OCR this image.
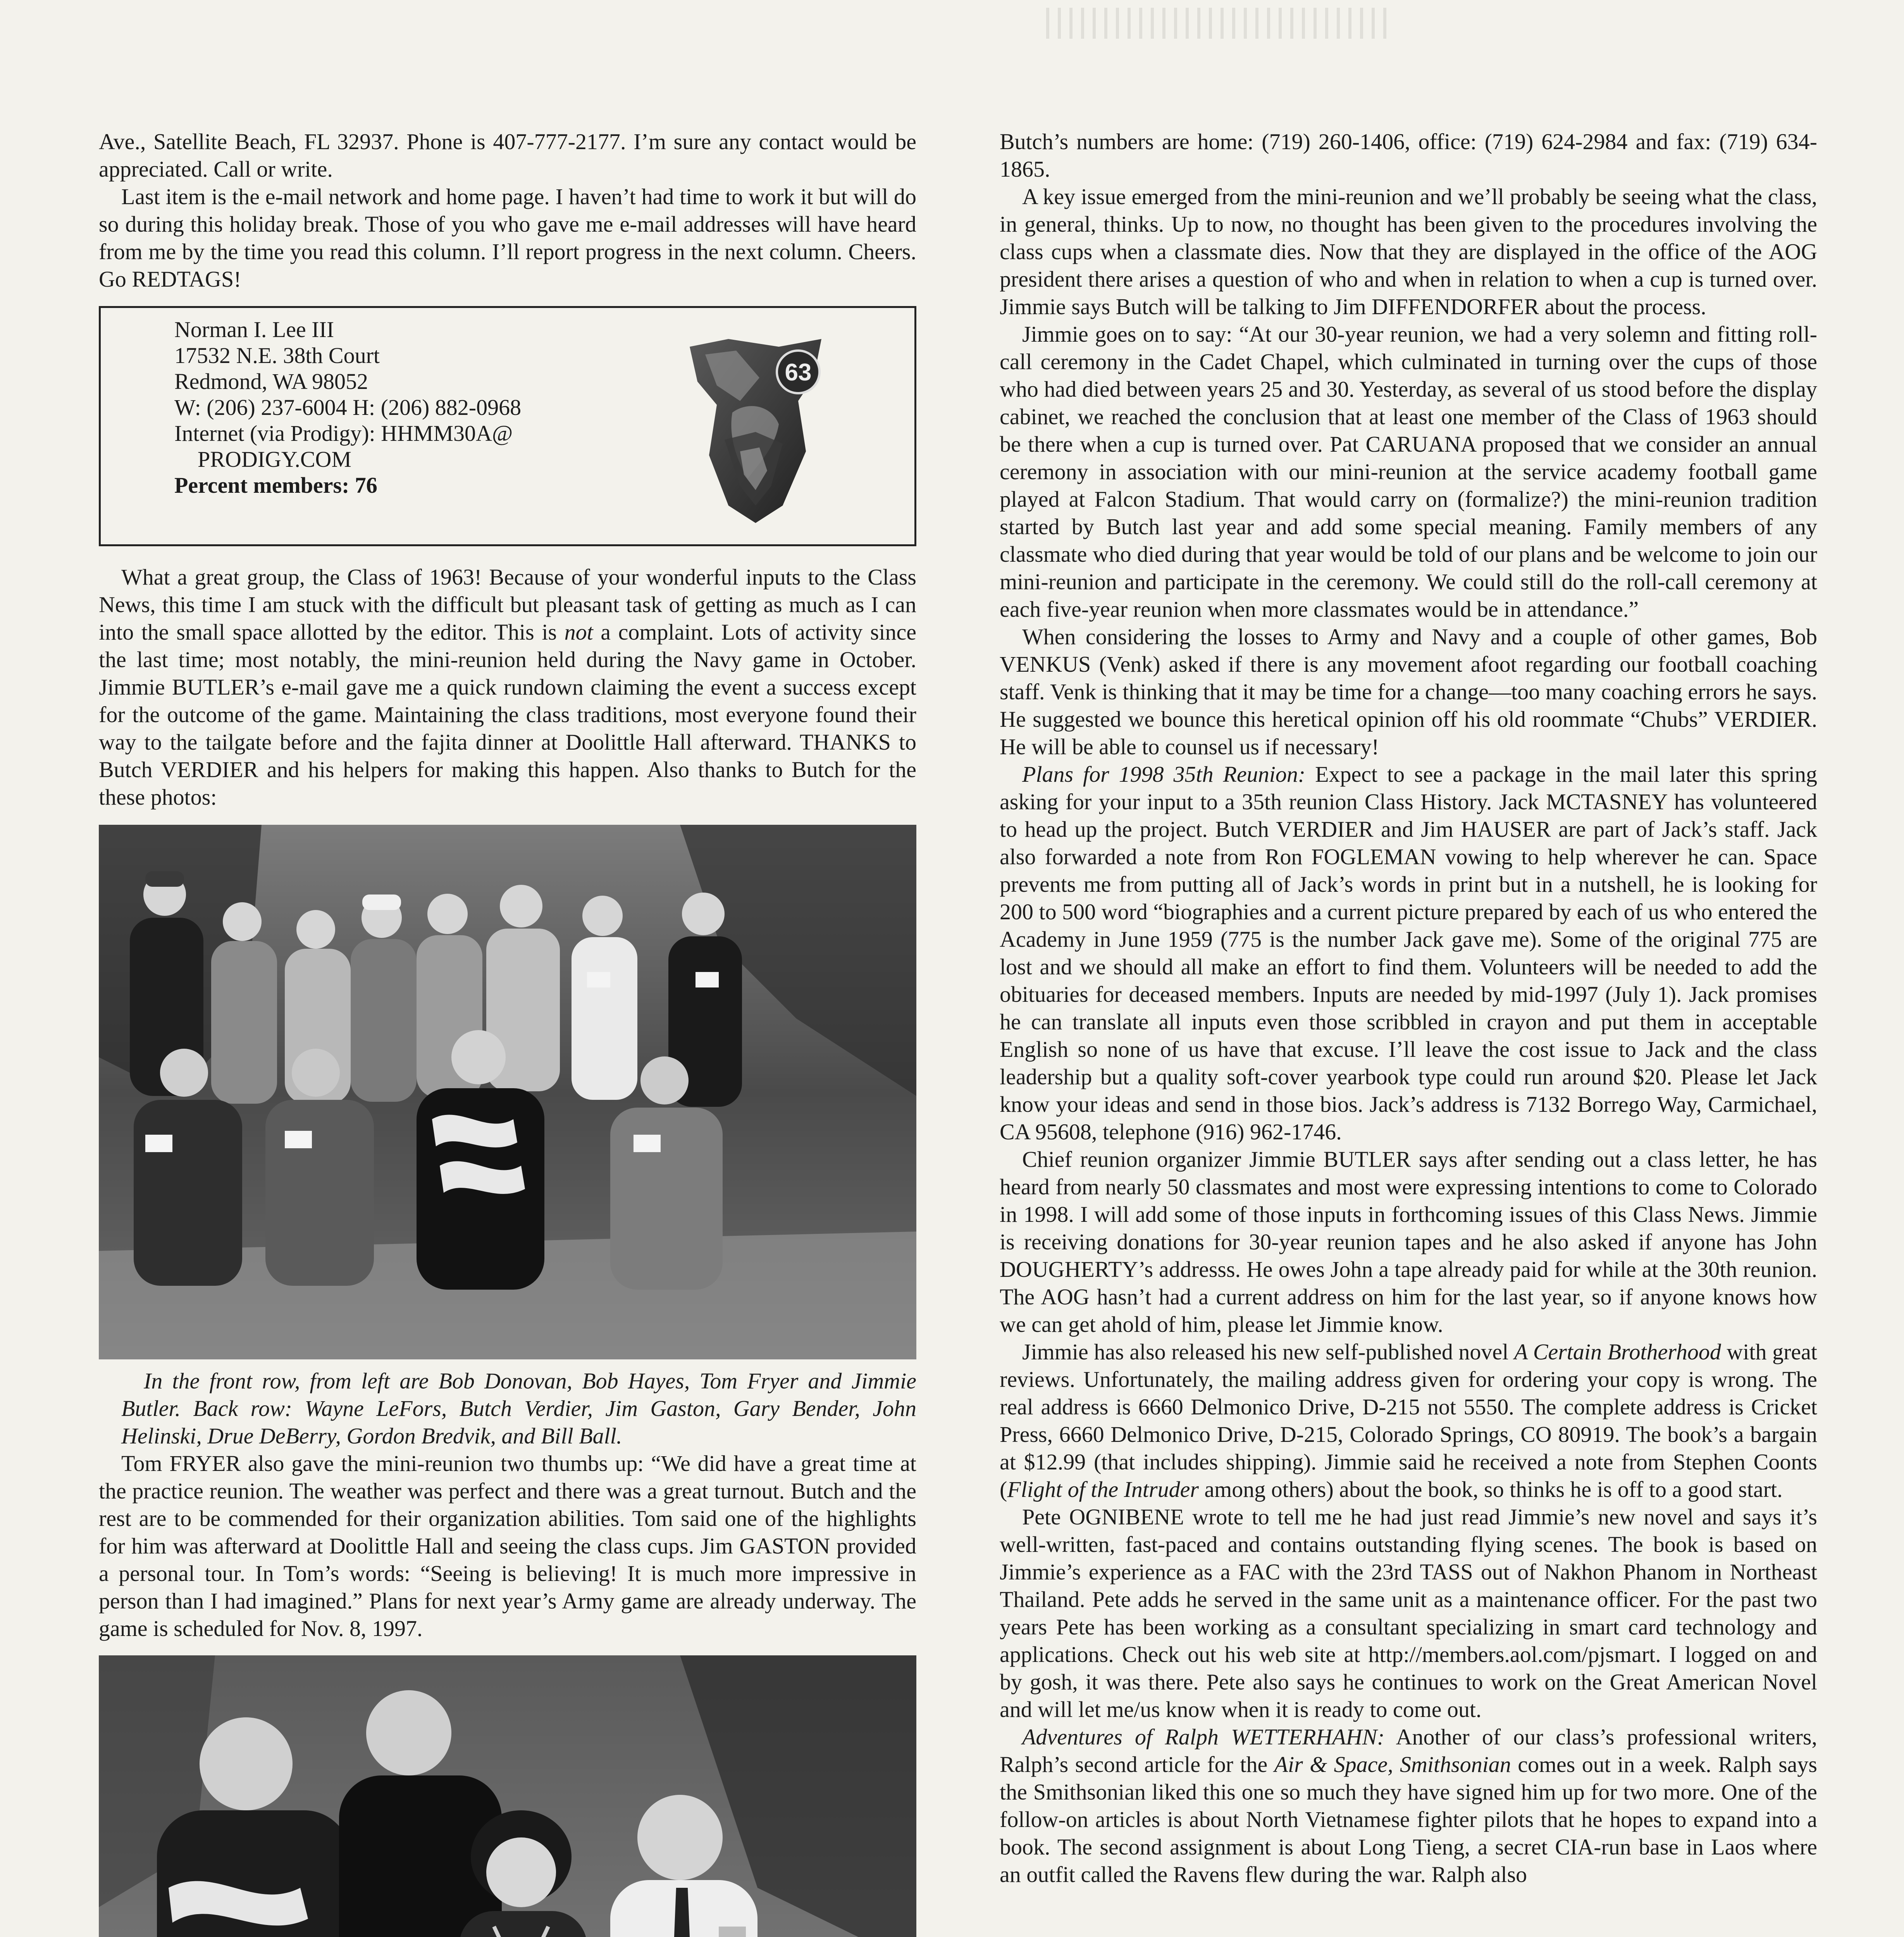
Ave., Satellite Beach, FL 32937. Phone is 407-777-2177. I’m sure any contact would be appreciated. Call or write.

Last item is the e-mail network and home page. I haven’t had time to work it but will do so during this holiday break. Those of you who gave me e-mail addresses will have heard from me by the time you read this column. I’ll report progress in the next column. Cheers. Go REDTAGS!

Norman I. Lee III
17532 N.E. 38th Court
Redmond, WA 98052
W: (206) 237-6004 H: (206) 882-0968
Internet (via Prodigy): HHMM30A@
PRODIGY.COM
Percent members: 76
63

What a great group, the Class of 1963! Because of your wonderful inputs to the Class News, this time I am stuck with the difficult but pleasant task of getting as much as I can into the small space allotted by the editor. This is not a complaint. Lots of activity since the last time; most notably, the mini-reunion held during the Navy game in October. Jimmie BUTLER’s e-mail gave me a quick rundown claiming the event a success except for the outcome of the game. Maintaining the class traditions, most everyone found their way to the tailgate before and the fajita dinner at Doolittle Hall afterward. THANKS to Butch VERDIER and his helpers for making this happen. Also thanks to Butch for the these photos:

In the front row, from left are Bob Donovan, Bob Hayes, Tom Fryer and Jimmie Butler. Back row: Wayne LeFors, Butch Verdier, Jim Gaston, Gary Bender, John Helinski, Drue DeBerry, Gordon Bredvik, and Bill Ball.

Tom FRYER also gave the mini-reunion two thumbs up: “We did have a great time at the practice reunion. The weather was perfect and there was a great turnout. Butch and the rest are to be commended for their organization abilities. Tom said one of the highlights for him was afterward at Doolittle Hall and seeing the class cups. Jim GASTON provided a personal tour. In Tom’s words: “Seeing is believing! It is much more impressive in person than I had imagined.” Plans for next year’s Army game are already underway. The game is scheduled for Nov. 8, 1997.

Butch’s numbers are home: (719) 260-1406, office: (719) 624-2984 and fax: (719) 634-1865.

A key issue emerged from the mini-reunion and we’ll probably be seeing what the class, in general, thinks. Up to now, no thought has been given to the procedures involving the class cups when a classmate dies. Now that they are displayed in the office of the AOG president there arises a question of who and when in relation to when a cup is turned over. Jimmie says Butch will be talking to Jim DIFFENDORFER about the process.

Jimmie goes on to say: “At our 30-year reunion, we had a very solemn and fitting roll-call ceremony in the Cadet Chapel, which culminated in turning over the cups of those who had died between years 25 and 30. Yesterday, as several of us stood before the display cabinet, we reached the conclusion that at least one member of the Class of 1963 should be there when a cup is turned over. Pat CARUANA proposed that we consider an annual ceremony in association with our mini-reunion at the service academy football game played at Falcon Stadium. That would carry on (formalize?) the mini-reunion tradition started by Butch last year and add some special meaning. Family members of any classmate who died during that year would be told of our plans and be welcome to join our mini-reunion and participate in the ceremony. We could still do the roll-call ceremony at each five-year reunion when more classmates would be in attendance.”

When considering the losses to Army and Navy and a couple of other games, Bob VENKUS (Venk) asked if there is any movement afoot regarding our football coaching staff. Venk is thinking that it may be time for a change—too many coaching errors he says. He suggested we bounce this heretical opinion off his old roommate “Chubs” VERDIER. He will be able to counsel us if necessary!

Plans for 1998 35th Reunion: Expect to see a package in the mail later this spring asking for your input to a 35th reunion Class History. Jack MCTASNEY has volunteered to head up the project. Butch VERDIER and Jim HAUSER are part of Jack’s staff. Jack also forwarded a note from Ron FOGLEMAN vowing to help wherever he can. Space prevents me from putting all of Jack’s words in print but in a nutshell, he is looking for 200 to 500 word “biographies and a current picture prepared by each of us who entered the Academy in June 1959 (775 is the number Jack gave me). Some of the original 775 are lost and we should all make an effort to find them. Volunteers will be needed to add the obituaries for deceased members. Inputs are needed by mid-1997 (July 1). Jack promises he can translate all inputs even those scribbled in crayon and put them in acceptable English so none of us have that excuse. I’ll leave the cost issue to Jack and the class leadership but a quality soft-cover yearbook type could run around $20. Please let Jack know your ideas and send in those bios. Jack’s address is 7132 Borrego Way, Carmichael, CA 95608, telephone (916) 962-1746.

Chief reunion organizer Jimmie BUTLER says after sending out a class letter, he has heard from nearly 50 classmates and most were expressing intentions to come to Colorado in 1998. I will add some of those inputs in forthcoming issues of this Class News. Jimmie is receiving donations for 30-year reunion tapes and he also asked if anyone has John DOUGHERTY’s addresss. He owes John a tape already paid for while at the 30th reunion. The AOG hasn’t had a current address on him for the last year, so if anyone knows how we can get ahold of him, please let Jimmie know.

Jimmie has also released his new self-published novel A Certain Brotherhood with great reviews. Unfortunately, the mailing address given for ordering your copy is wrong. The real address is 6660 Delmonico Drive, D-215 not 5550. The complete address is Cricket Press, 6660 Delmonico Drive, D-215, Colorado Springs, CO 80919. The book’s a bargain at $12.99 (that includes shipping). Jimmie said he received a note from Stephen Coonts (Flight of the Intruder among others) about the book, so thinks he is off to a good start.

Pete OGNIBENE wrote to tell me he had just read Jimmie’s new novel and says it’s well-written, fast-paced and contains outstanding flying scenes. The book is based on Jimmie’s experience as a FAC with the 23rd TASS out of Nakhon Phanom in Northeast Thailand. Pete adds he served in the same unit as a maintenance officer. For the past two years Pete has been working as a consultant specializing in smart card technology and applications. Check out his web site at http://members.aol.com/pjsmart. I logged on and by gosh, it was there. Pete also says he continues to work on the Great American Novel and will let me/us know when it is ready to come out.

Adventures of Ralph WETTERHAHN: Another of our class’s professional writers, Ralph’s second article for the Air & Space, Smithsonian comes out in a week. Ralph says the Smithsonian liked this one so much they have signed him up for two more. One of the follow-on articles is about North Vietnamese fighter pilots that he hopes to expand into a book. The second assignment is about Long Tieng, a secret CIA-run base in Laos where an outfit called the Ravens flew during the war. Ralph also
